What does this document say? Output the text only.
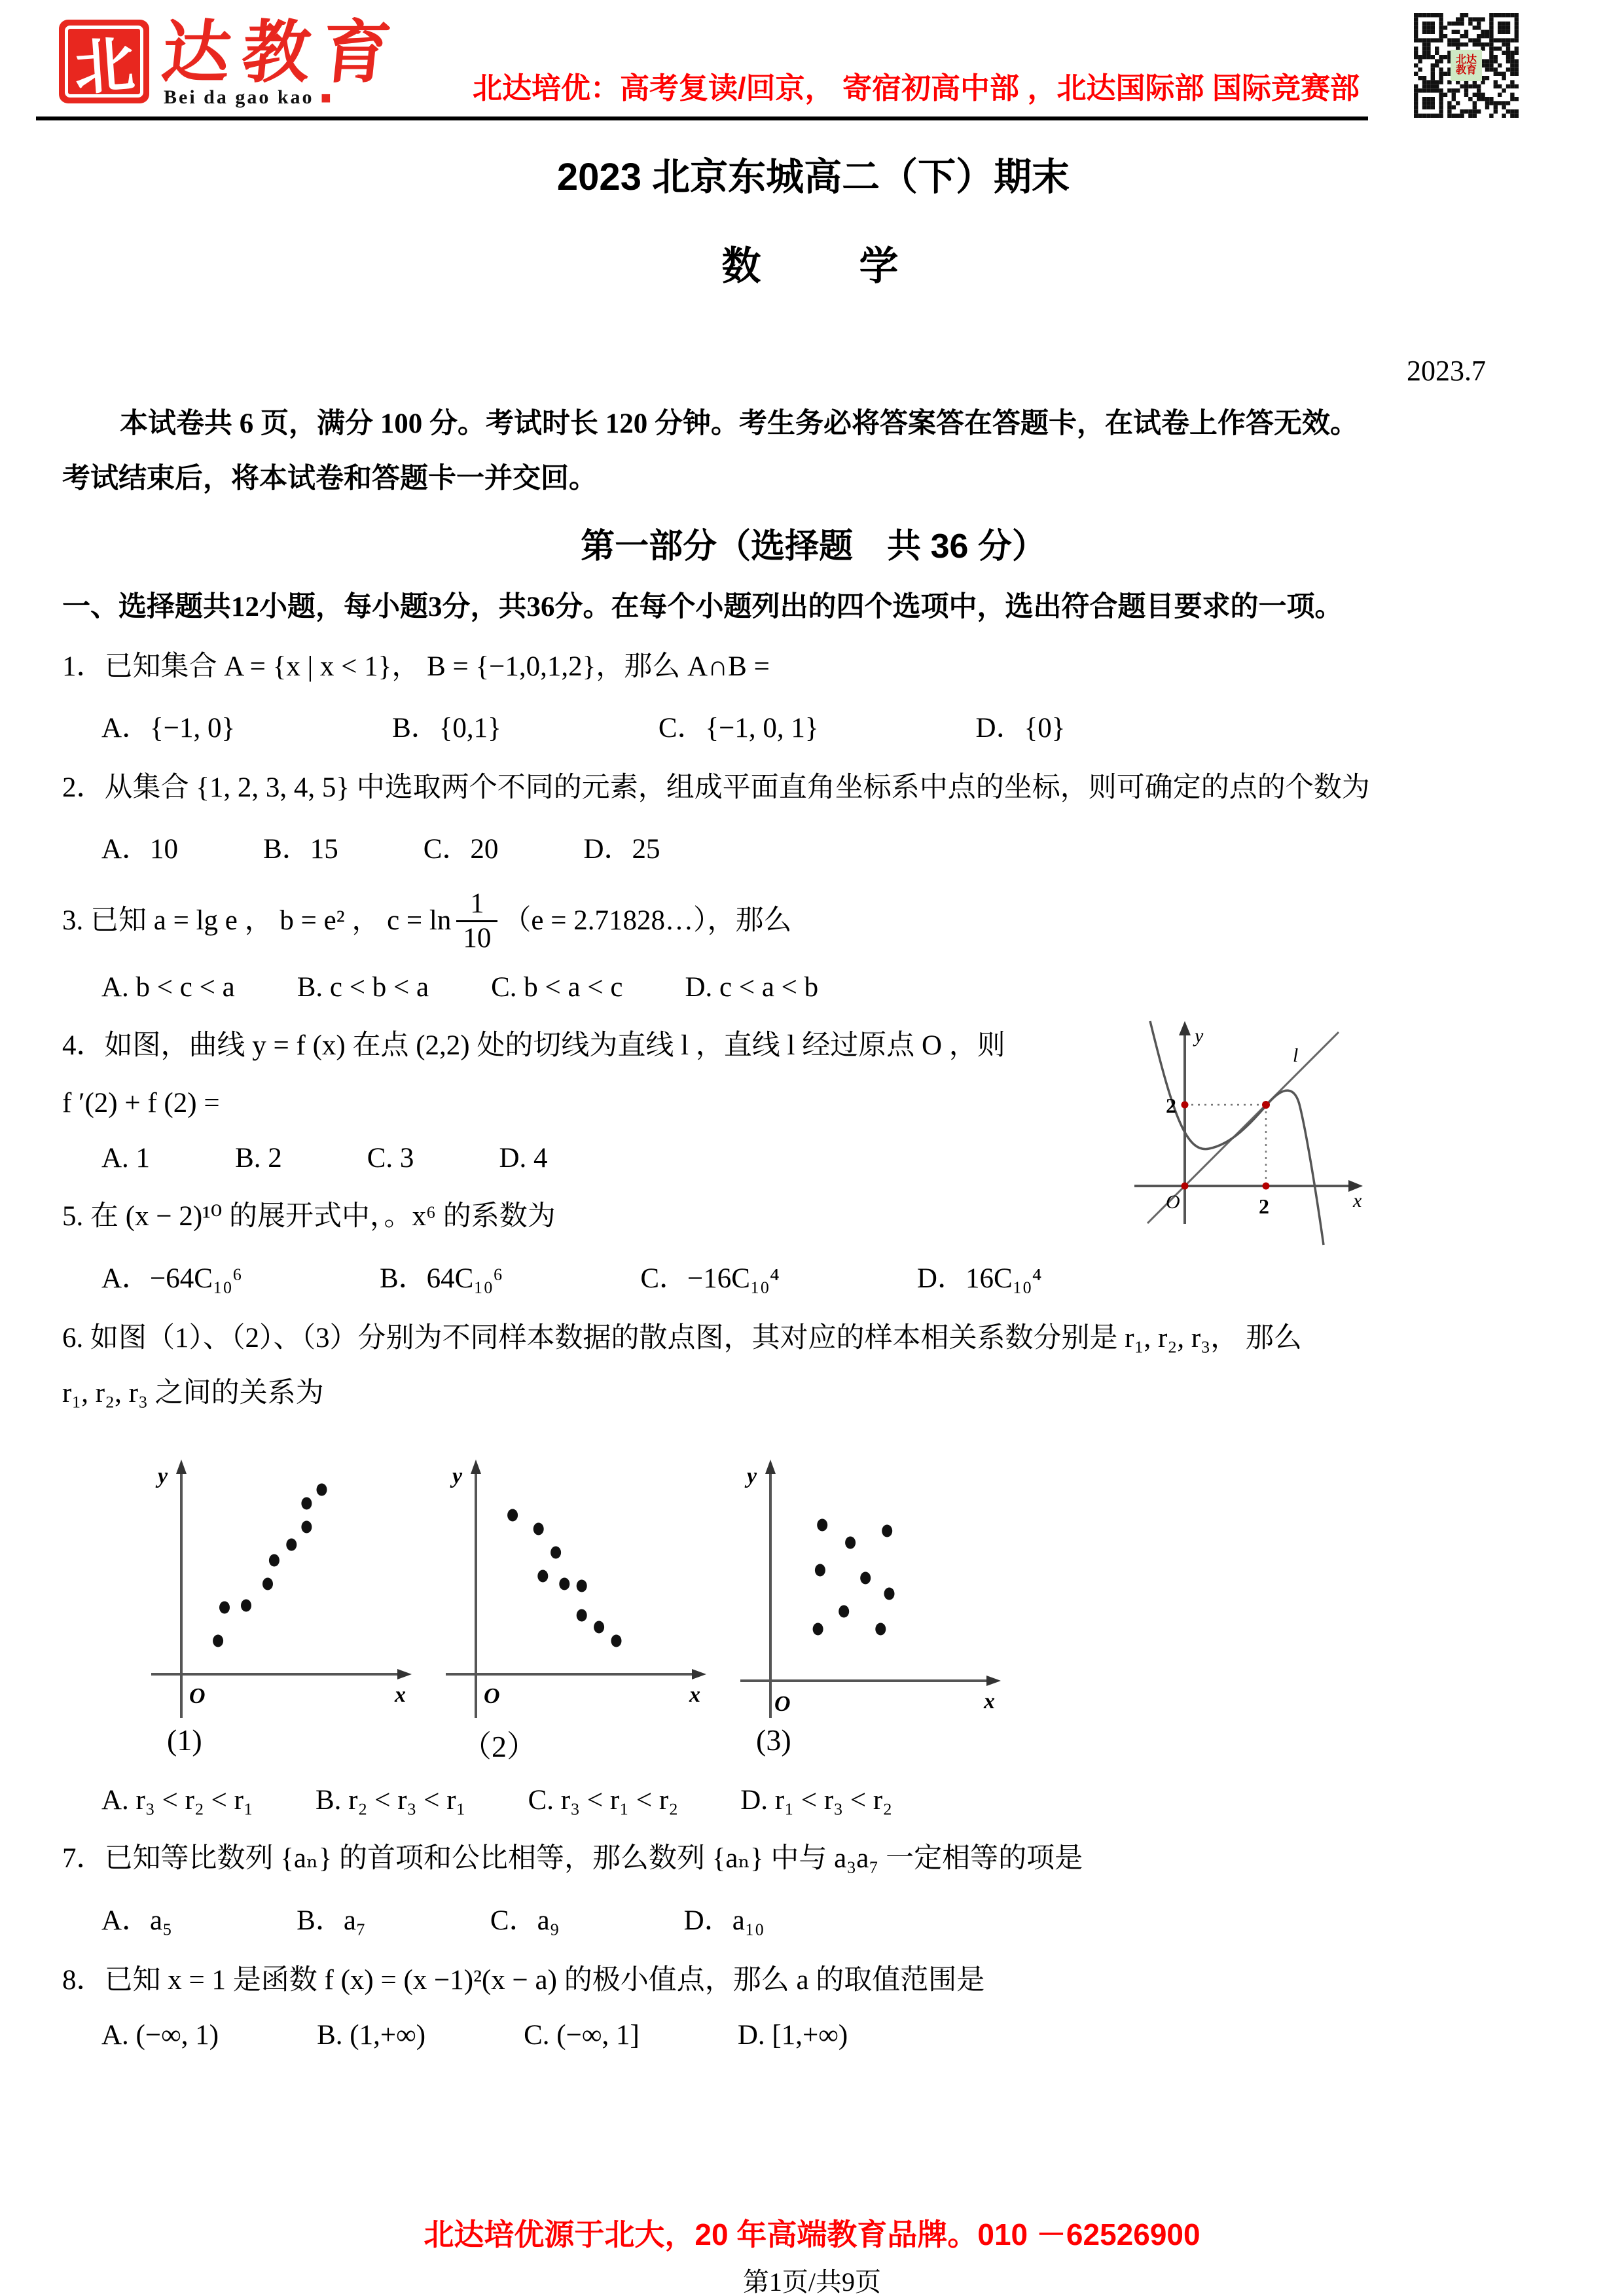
北 达教育
Bei da gao kao ■	北达培优：高考复读/回京， 寄宿初高中部 ，北达国际部 国际竞赛部
北达
教育
2023 北京东城高二（下）期末
数　　学
2023.7
本试卷共 6 页，满分 100 分。考试时长 120 分钟。考生务必将答案答在答题卡，在试卷上作答无效。
考试结束后，将本试卷和答题卡一并交回。
第一部分（选择题　共 36 分）
一、选择题共12小题，每小题3分，共36分。在每个小题列出的四个选项中，选出符合题目要求的一项。
1．已知集合 A = {x | x < 1}， B = {−1,0,1,2}，那么 A∩B =
A．{−1, 0}	B．{0,1}	C．{−1, 0, 1}	D．{0}
2．从集合 {1, 2, 3, 4, 5} 中选取两个不同的元素，组成平面直角坐标系中点的坐标，则可确定的点的个数为
A．10	B．15	C．20	D．25
3. 已知 a = lg e ， b = e² ， $c = \ln \frac{1}{10} (e$ = 2.71828…），那么
A. b < c < a B. c < b < a C. b < a < c D. c < a < b
4．如图，曲线 y = f (x) 在点 (2,2) 处的切线为直线 l ，直线 l 经过原点 O ，则
f ′(2) + f (2) =
A. 1	B. 2	C. 3	D. 4
y
x
O
l
2
2
5. 在 (x − 2)¹⁰ 的展开式中，。x⁶ 的系数为
A．−64C₁₀⁶	B．64C₁₀⁶	C．−16C₁₀⁴	D．16C₁₀⁴
6. 如图（1）、（2）、（3）分别为不同样本数据的散点图，其对应的样本相关系数分别是 r₁, r₂, r₃， 那么
r₁, r₂, r₃ 之间的关系为
y
x
O
y
x
O
y
x
O
(1)	（2）	(3)
A. r₃ < r₂ < r₁ B. r₂ < r₃ < r₁ C. r₃ < r₁ < r₂ D. r₁ < r₃ < r₂
7．已知等比数列 {aₙ} 的首项和公比相等，那么数列 {aₙ} 中与 a₃a₇ 一定相等的项是
A．a₅	B．a₇	C．a₉	D．a₁₀
8．已知 x = 1 是函数 f (x) = (x −1)²(x − a) 的极小值点，那么 a 的取值范围是
A. (−∞, 1)	B. (1,+∞)	C. (−∞, 1]	D. [1,+∞)
北达培优源于北大，20 年高端教育品牌。010 －62526900
第1页/共9页
